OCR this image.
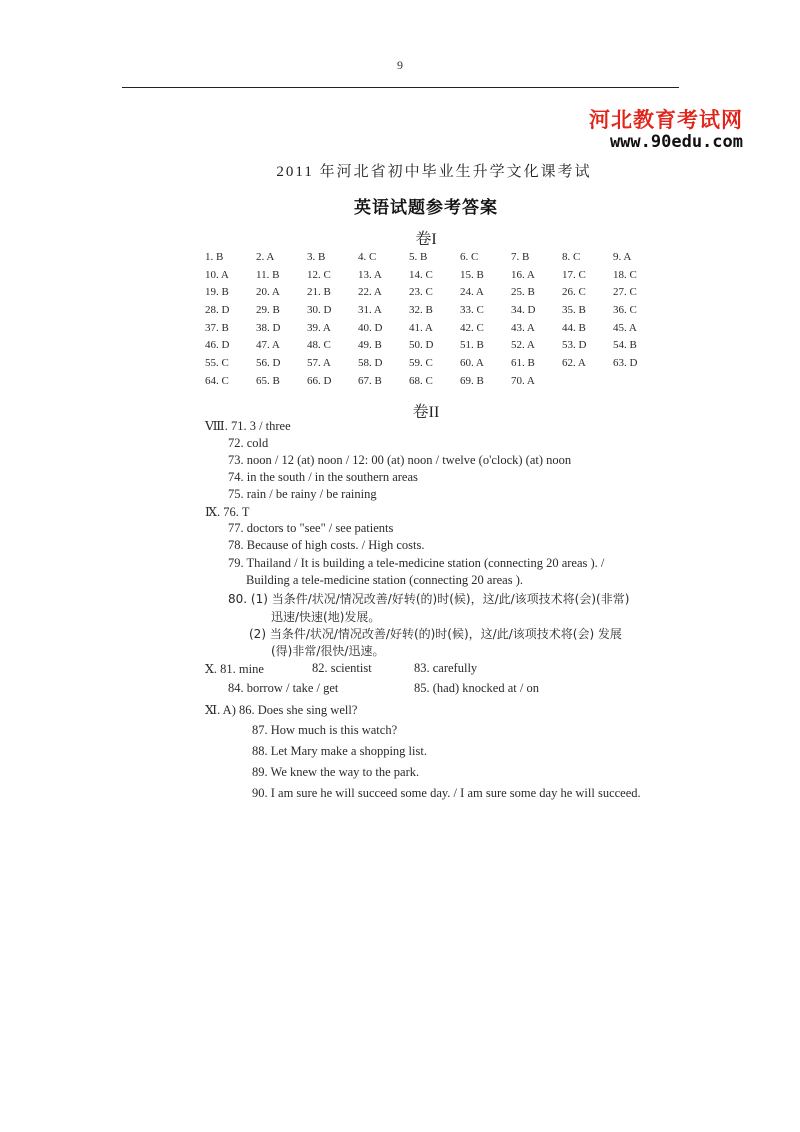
9
河北教育考试网
www.90edu.com
2011 年河北省初中毕业生升学文化课考试
英语试题参考答案
卷I
1. B	2. A	3. B	4. C	5. B	6. C	7. B	8. C	9. A
10. A	11. B	12. C	13. A	14. C	15. B	16. A	17. C	18. C
19. B	20. A	21. B	22. A	23. C	24. A	25. B	26. C	27. C
28. D	29. B	30. D	31. A	32. B	33. C	34. D	35. B	36. C
37. B	38. D	39. A	40. D	41. A	42. C	43. A	44. B	45. A
46. D	47. A	48. C	49. B	50. D	51. B	52. A	53. D	54. B
55. C	56. D	57. A	58. D	59. C	60. A	61. B	62. A	63. D
64. C	65. B	66. D	67. B	68. C	69. B	70. A
卷II
Ⅷ. 71. 3 / three
72. cold
73. noon / 12 (at) noon / 12: 00 (at) noon / twelve (o'clock) (at) noon
74. in the south / in the southern areas
75. rain / be rainy / be raining
Ⅸ. 76. T
77. doctors to "see" / see patients
78. Because of high costs. / High costs.
79. Thailand / It is building a tele-medicine station (connecting 20 areas ). /
Building a tele-medicine station (connecting 20 areas ).
80. (1) 当条件/状况/情况改善/好转(的)时(候)，这/此/该项技术将(会)(非常)
迅速/快速(地)发展。
(2) 当条件/状况/情况改善/好转(的)时(候)，这/此/该项技术将(会) 发展
(得)非常/很快/迅速。
Ⅹ. 81. mine	82. scientist	83. carefully
84. borrow / take / get	85. (had) knocked at / on
Ⅺ. A) 86. Does she sing well?
87. How much is this watch?
88. Let Mary make a shopping list.
89. We knew the way to the park.
90. I am sure he will succeed some day. / I am sure some day he will succeed.
